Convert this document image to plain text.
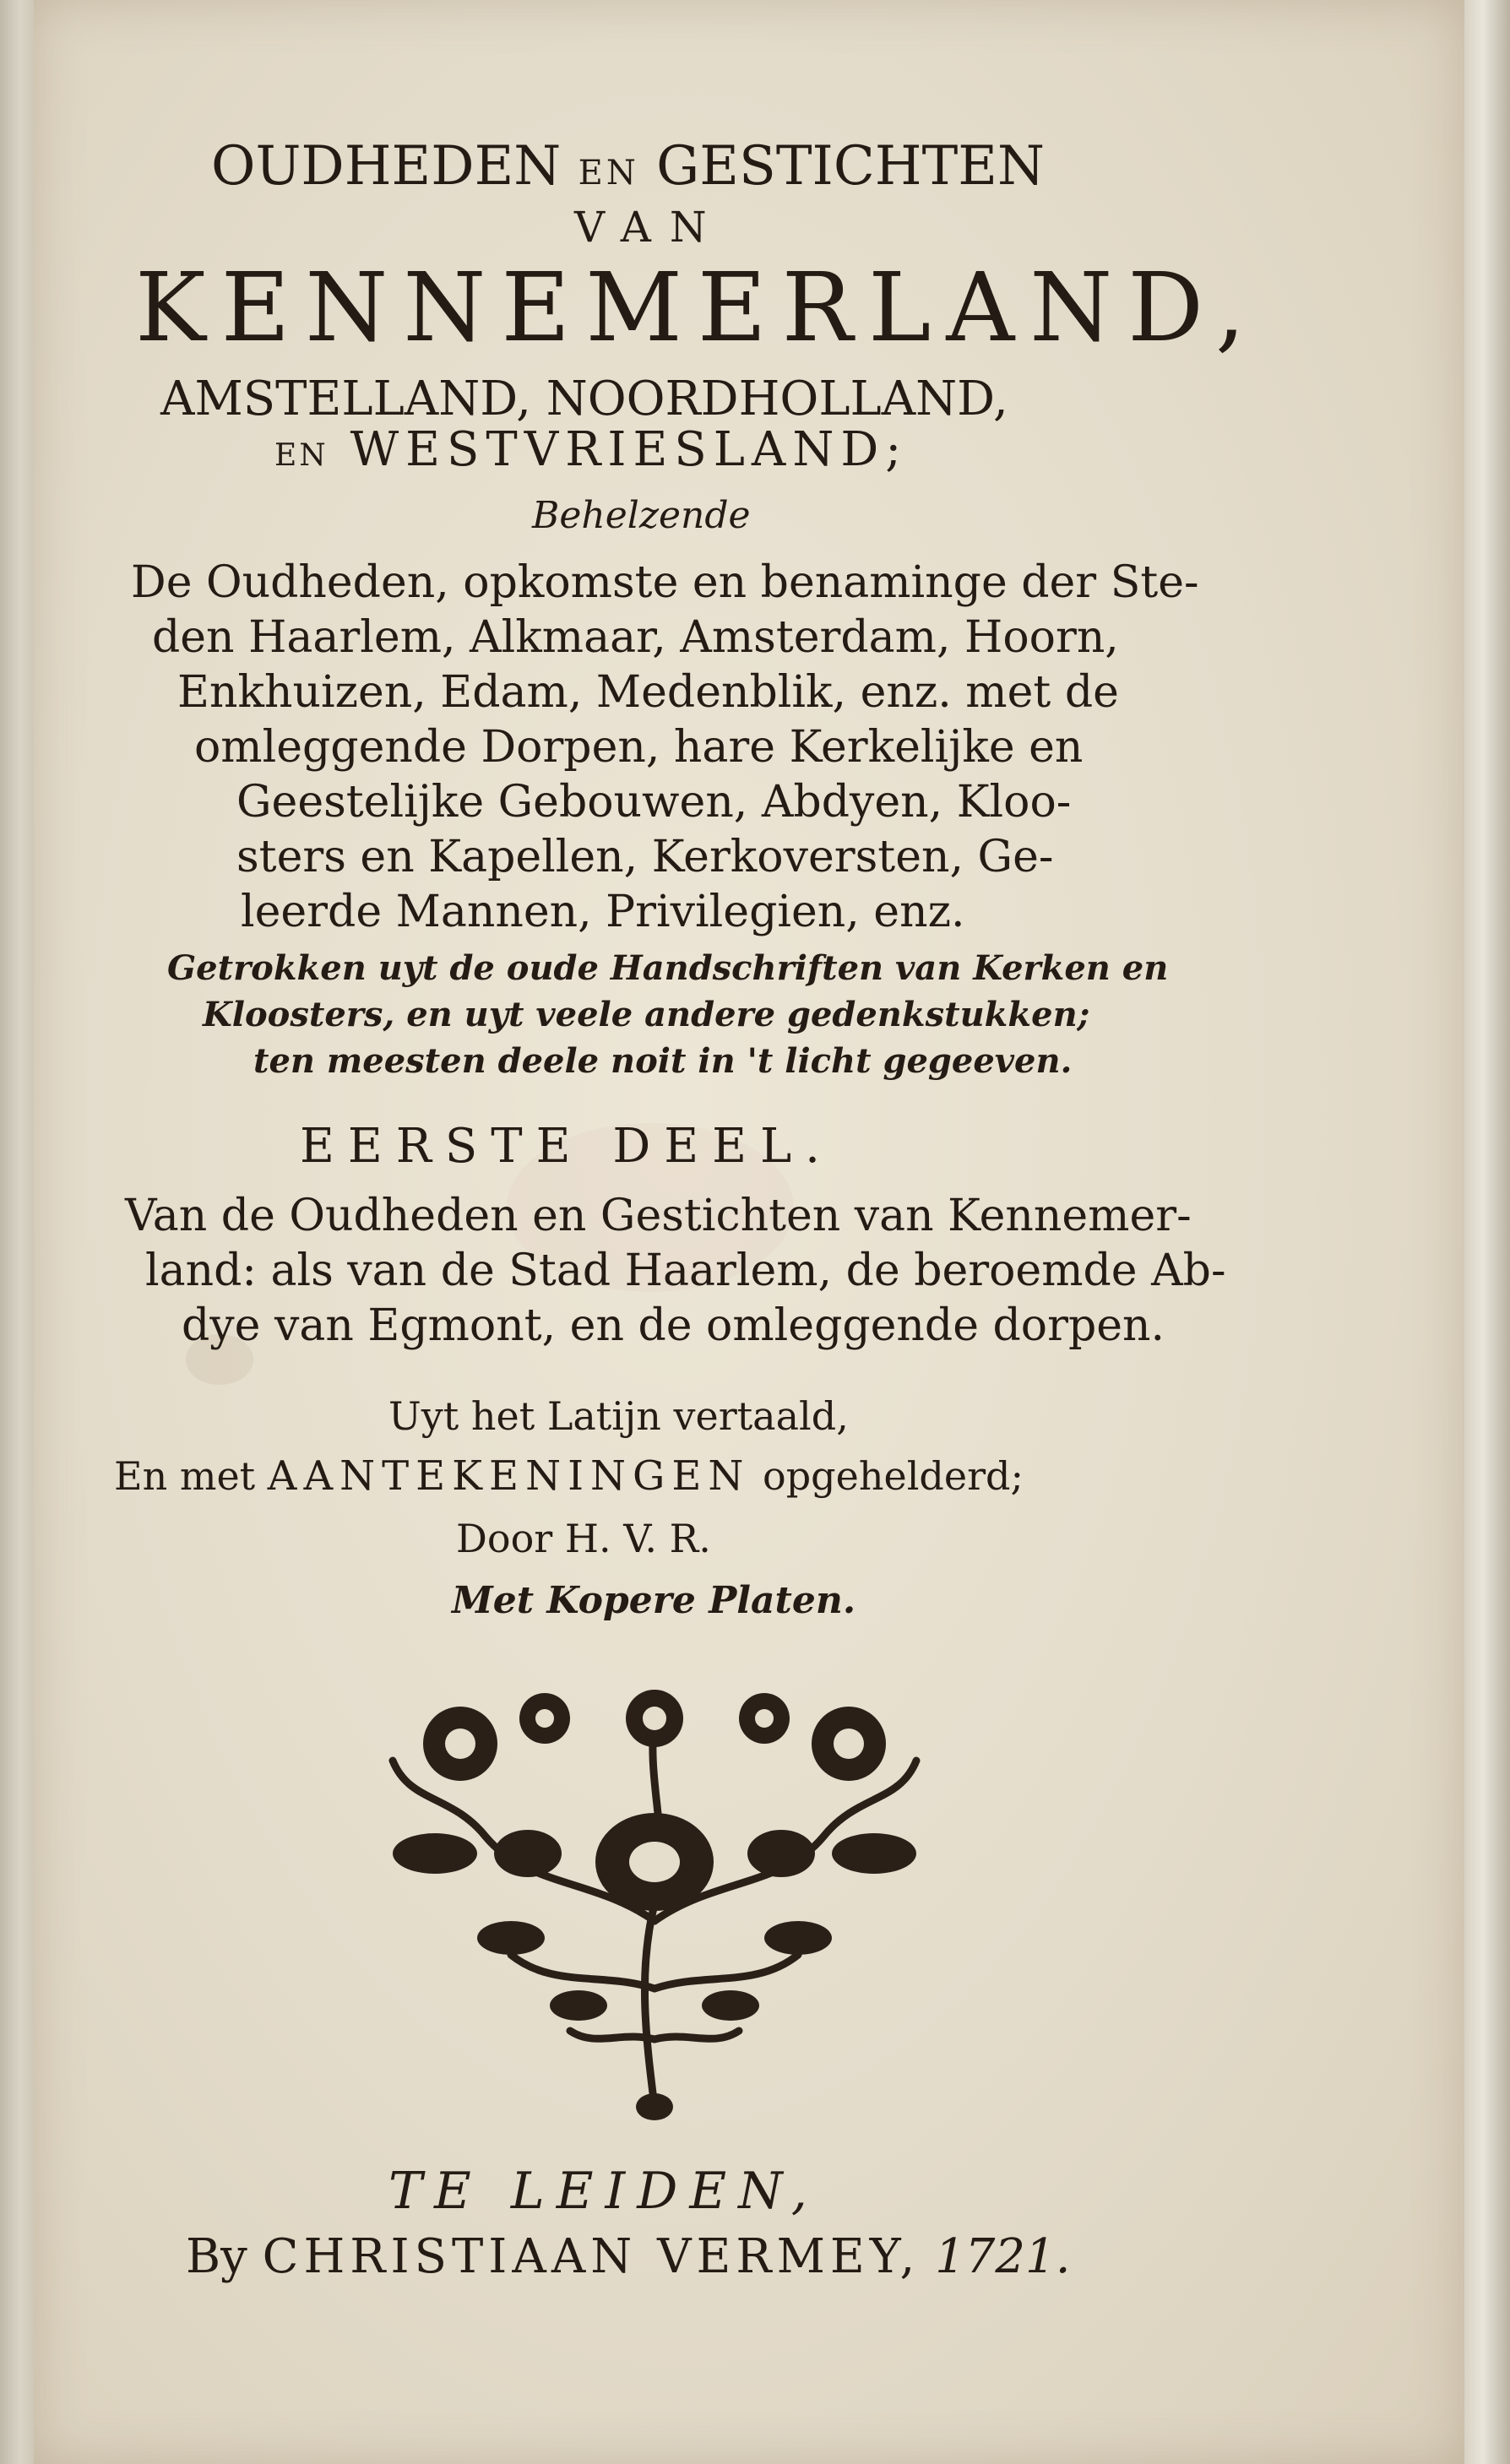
OUDHEDEN EN GESTICHTEN
VAN
KENNEMERLAND,
AMSTELLAND, NOORDHOLLAND,
EN WESTVRIESLAND;
Behelzende
De Oudheden, opkomste en benaminge der Ste-
den Haarlem, Alkmaar, Amsterdam, Hoorn,
Enkhuizen, Edam, Medenblik, enz. met de
omleggende Dorpen, hare Kerkelijke en
Geestelijke Gebouwen, Abdyen, Kloo-
sters en Kapellen, Kerkoversten, Ge-
leerde Mannen, Privilegien, enz.
Getrokken uyt de oude Handschriften van Kerken en
Kloosters, en uyt veele andere gedenkstukken;
ten meesten deele noit in 't licht gegeeven.
EERSTE DEEL.
Van de Oudheden en Gestichten van Kennemer-
land: als van de Stad Haarlem, de beroemde Ab-
dye van Egmont, en de omleggende dorpen.
Uyt het Latijn vertaald,
En met AANTEKENINGEN opgehelderd;
Door H. V. R.
Met Kopere Platen.
TE LEIDEN,
By CHRISTIAAN VERMEY, 1721.
